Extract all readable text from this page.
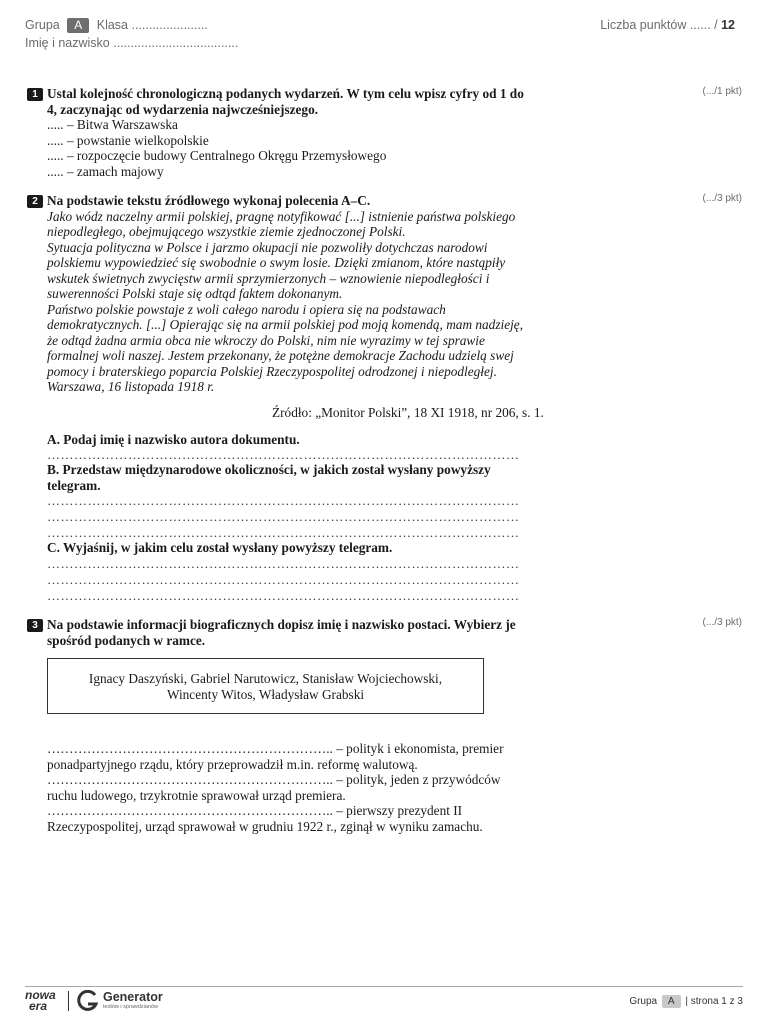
Grupa A Klasa ......................
Imię i nazwisko ....................................
Liczba punktów ...... / 12
1	(.../1 pkt)
Ustal kolejność chronologiczną podanych wydarzeń. W tym celu wpisz cyfry od 1 do
4, zaczynając od wydarzenia najwcześniejszego.
..... – Bitwa Warszawska
..... – powstanie wielkopolskie
..... – rozpoczęcie budowy Centralnego Okręgu Przemysłowego
..... – zamach majowy
2	(.../3 pkt)
Na podstawie tekstu źródłowego wykonaj polecenia A–C.
Jako wódz naczelny armii polskiej, pragnę notyfikować [...] istnienie państwa polskiego
niepodległego, obejmującego wszystkie ziemie zjednoczonej Polski.
Sytuacja polityczna w Polsce i jarzmo okupacji nie pozwoliły dotychczas narodowi
polskiemu wypowiedzieć się swobodnie o swym losie. Dzięki zmianom, które nastąpiły
wskutek świetnych zwycięstw armii sprzymierzonych – wznowienie niepodległości i
suwerenności Polski staje się odtąd faktem dokonanym.
Państwo polskie powstaje z woli całego narodu i opiera się na podstawach
demokratycznych. [...] Opierając się na armii polskiej pod moją komendą, mam nadzieję,
że odtąd żadna armia obca nie wkroczy do Polski, nim nie wyrazimy w tej sprawie
formalnej woli naszej. Jestem przekonany, że potężne demokracje Zachodu udzielą swej
pomocy i braterskiego poparcia Polskiej Rzeczypospolitej odrodzonej i niepodległej.
Warszawa, 16 listopada 1918 r.
Źródło: „Monitor Polski”, 18 XI 1918, nr 206, s. 1.
A. Podaj imię i nazwisko autora dokumentu.
……………………………………………………………………………………………
B. Przedstaw międzynarodowe okoliczności, w jakich został wysłany powyższy
telegram.
……………………………………………………………………………………………
……………………………………………………………………………………………
……………………………………………………………………………………………
C. Wyjaśnij, w jakim celu został wysłany powyższy telegram.
……………………………………………………………………………………………
……………………………………………………………………………………………
……………………………………………………………………………………………
3	(.../3 pkt)
Na podstawie informacji biograficznych dopisz imię i nazwisko postaci. Wybierz je
spośród podanych w ramce.
Ignacy Daszyński, Gabriel Narutowicz, Stanisław Wojciechowski,
Wincenty Witos, Władysław Grabski
……………………………………………………….. – polityk i ekonomista, premier
ponadpartyjnego rządu, który przeprowadził m.in. reformę walutową.
……………………………………………………….. – polityk, jeden z przywódców
ruchu ludowego, trzykrotnie sprawował urząd premiera.
……………………………………………………….. – pierwszy prezydent II
Rzeczypospolitej, urząd sprawował w grudniu 1922 r., zginął w wyniku zamachu.
nowa
era
Generator
testów i sprawdzianów	Grupa A | strona 1 z 3
